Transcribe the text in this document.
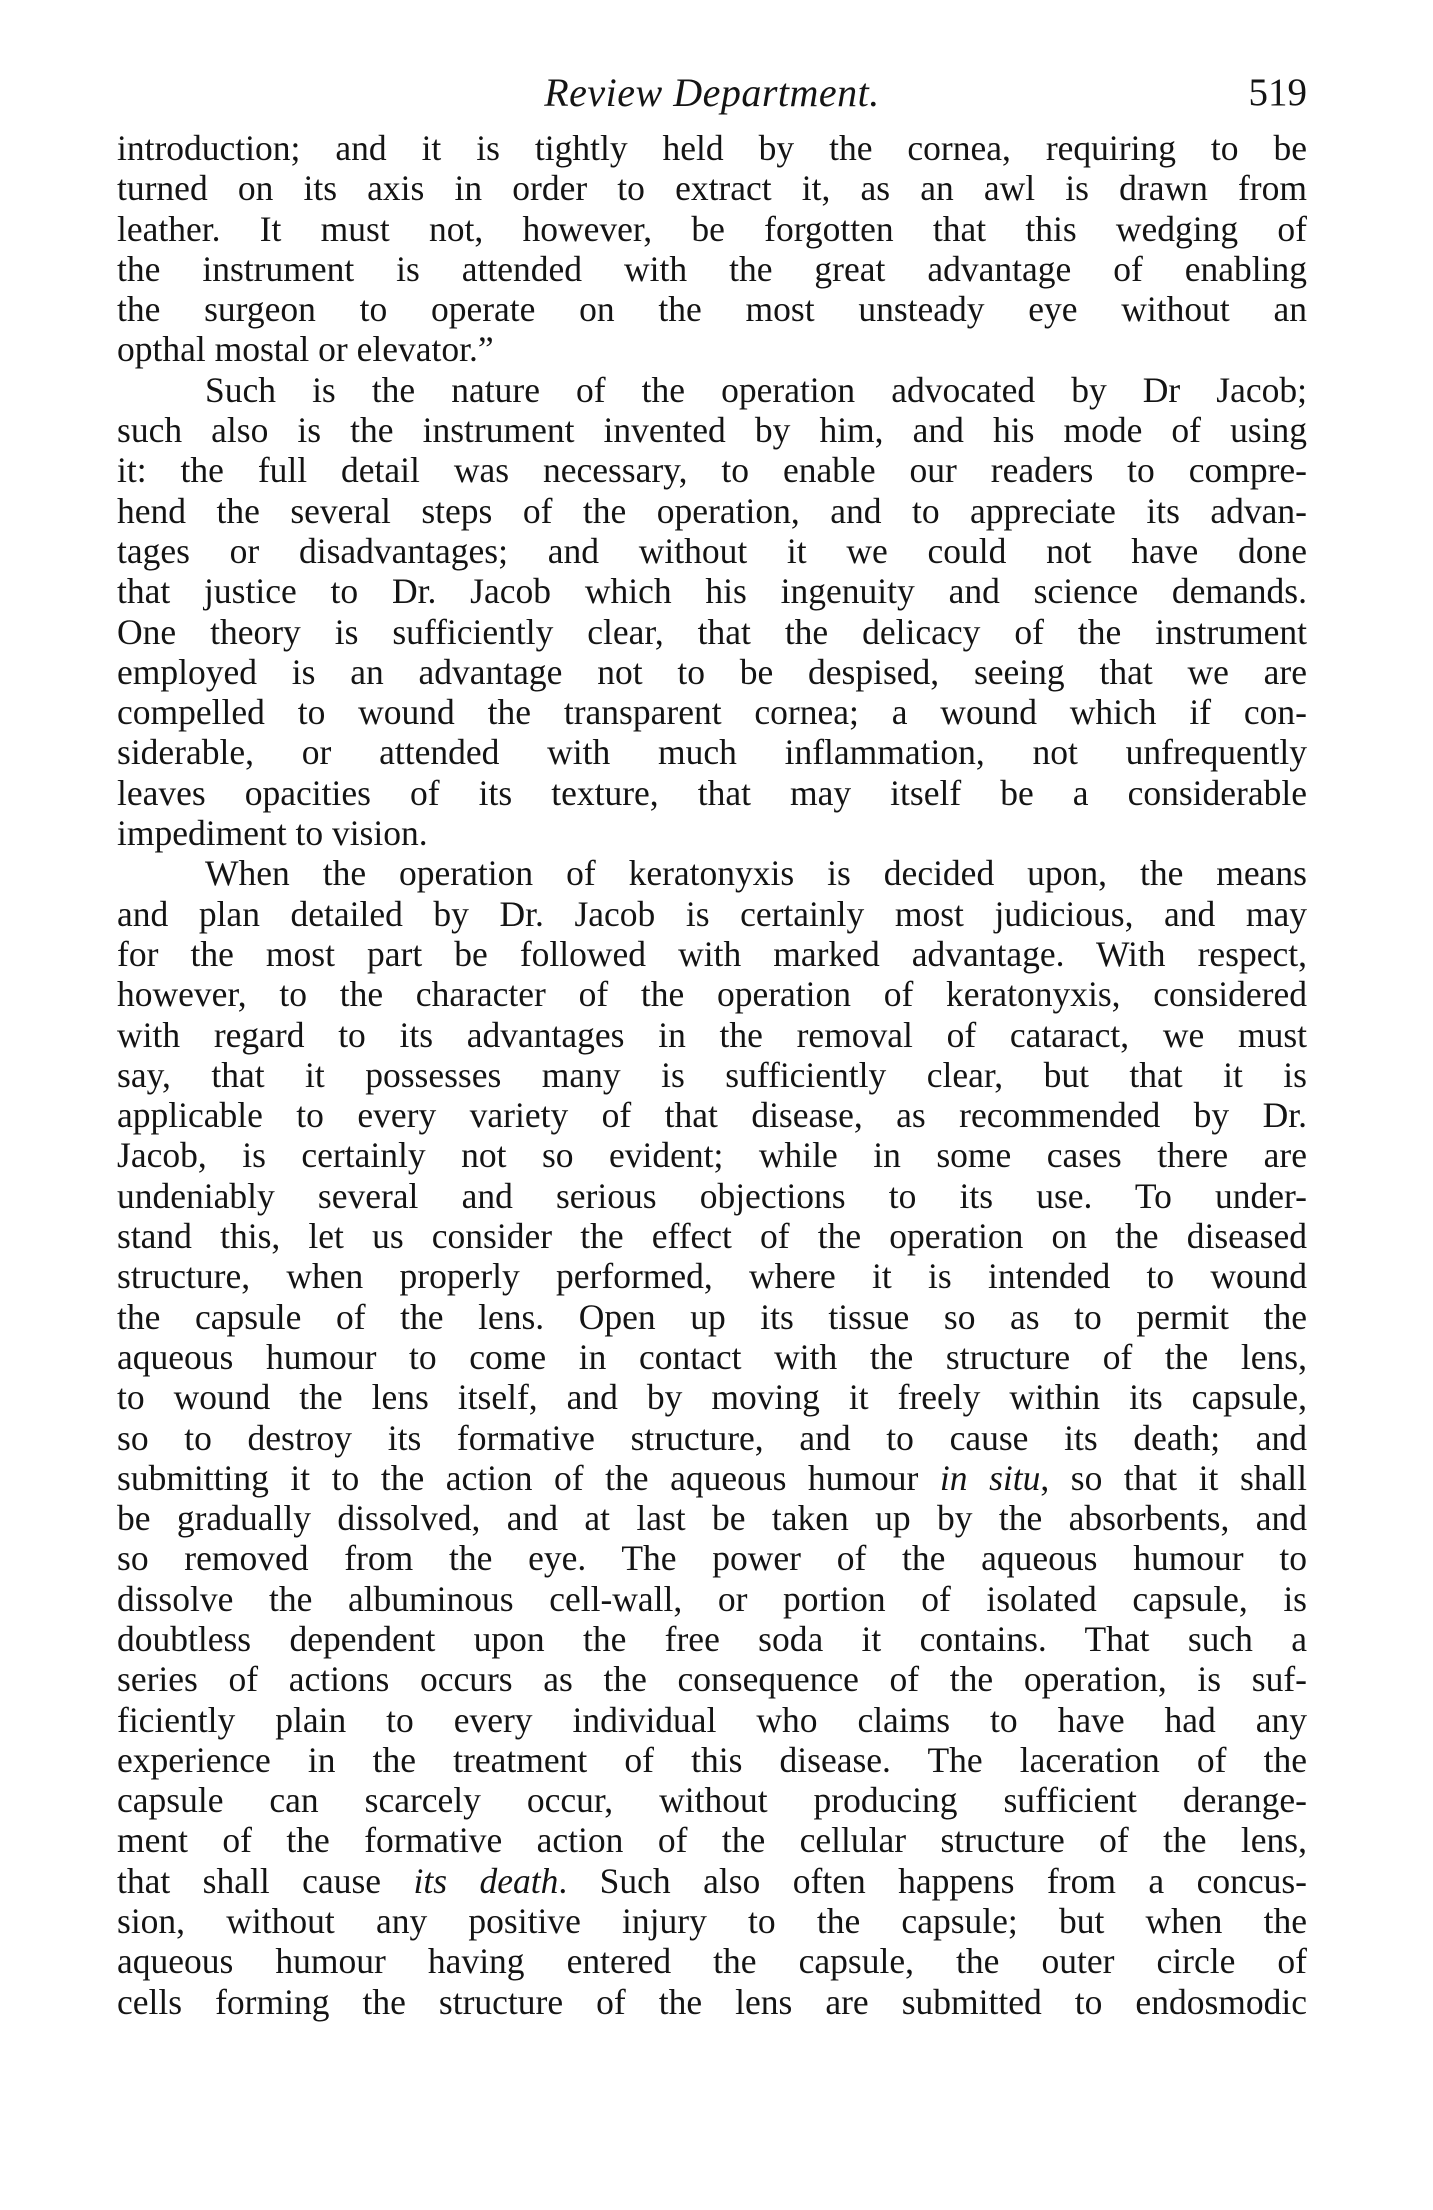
Review Department.	519
introduction; and it is tightly held by the cornea, requiring to be
turned on its axis in order to extract it, as an awl is drawn from
leather. It must not, however, be forgotten that this wedging of
the instrument is attended with the great advantage of enabling
the surgeon to operate on the most unsteady eye without an
opthal mostal or elevator.”
Such is the nature of the operation advocated by Dr Jacob;
such also is the instrument invented by him, and his mode of using
it: the full detail was necessary, to enable our readers to compre-
hend the several steps of the operation, and to appreciate its advan-
tages or disadvantages; and without it we could not have done
that justice to Dr. Jacob which his ingenuity and science demands.
One theory is sufficiently clear, that the delicacy of the instrument
employed is an advantage not to be despised, seeing that we are
compelled to wound the transparent cornea; a wound which if con-
siderable, or attended with much inflammation, not unfrequently
leaves opacities of its texture, that may itself be a considerable
impediment to vision.
When the operation of keratonyxis is decided upon, the means
and plan detailed by Dr. Jacob is certainly most judicious, and may
for the most part be followed with marked advantage. With respect,
however, to the character of the operation of keratonyxis, considered
with regard to its advantages in the removal of cataract, we must
say, that it possesses many is sufficiently clear, but that it is
applicable to every variety of that disease, as recommended by Dr.
Jacob, is certainly not so evident; while in some cases there are
undeniably several and serious objections to its use. To under-
stand this, let us consider the effect of the operation on the diseased
structure, when properly performed, where it is intended to wound
the capsule of the lens. Open up its tissue so as to permit the
aqueous humour to come in contact with the structure of the lens,
to wound the lens itself, and by moving it freely within its capsule,
so to destroy its formative structure, and to cause its death; and
submitting it to the action of the aqueous humour in situ, so that it shall
be gradually dissolved, and at last be taken up by the absorbents, and
so removed from the eye. The power of the aqueous humour to
dissolve the albuminous cell-wall, or portion of isolated capsule, is
doubtless dependent upon the free soda it contains. That such a
series of actions occurs as the consequence of the operation, is suf-
ficiently plain to every individual who claims to have had any
experience in the treatment of this disease. The laceration of the
capsule can scarcely occur, without producing sufficient derange-
ment of the formative action of the cellular structure of the lens,
that shall cause its death. Such also often happens from a concus-
sion, without any positive injury to the capsule; but when the
aqueous humour having entered the capsule, the outer circle of
cells forming the structure of the lens are submitted to endosmodic
